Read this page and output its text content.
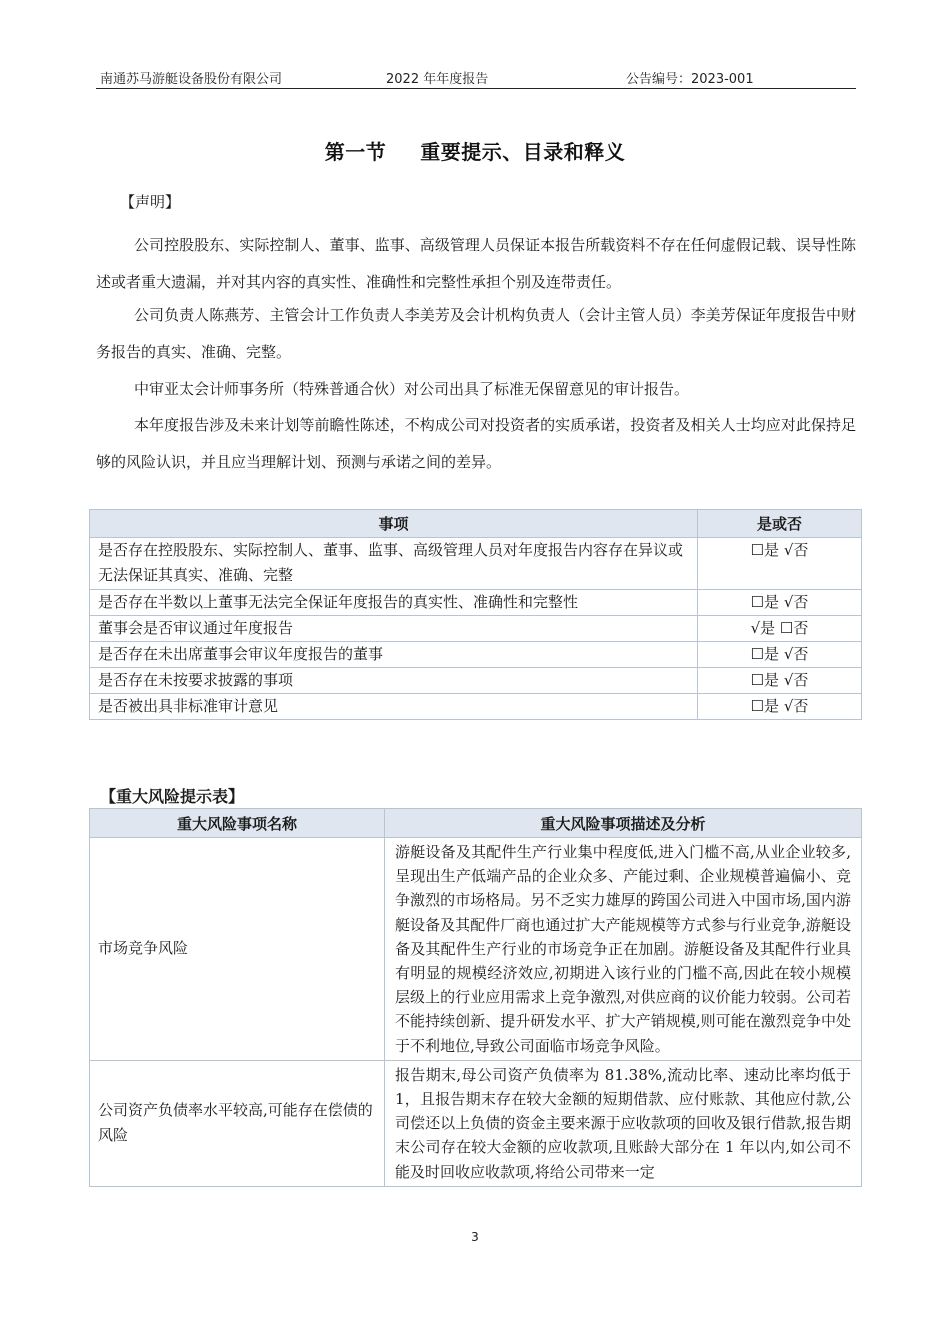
南通苏马游艇设备股份有限公司	2022 年年度报告	公告编号：2023-001
第一节 重要提示、目录和释义
【声明】

公司控股股东、实际控制人、董事、监事、高级管理人员保证本报告所载资料不存在任何虚假记载、误导性陈述或者重大遗漏，并对其内容的真实性、准确性和完整性承担个别及连带责任。

公司负责人陈燕芳、主管会计工作负责人李美芳及会计机构负责人（会计主管人员）李美芳保证年度报告中财务报告的真实、准确、完整。

中审亚太会计师事务所（特殊普通合伙）对公司出具了标准无保留意见的审计报告。

本年度报告涉及未来计划等前瞻性陈述，不构成公司对投资者的实质承诺，投资者及相关人士均应对此保持足够的风险认识，并且应当理解计划、预测与承诺之间的差异。

事项	是或否
是否存在控股股东、实际控制人、董事、监事、高级管理人员对年度报告内容存在异议或无法保证其真实、准确、完整	☐是 √否
是否存在半数以上董事无法完全保证年度报告的真实性、准确性和完整性	☐是 √否
董事会是否审议通过年度报告	√是 ☐否
是否存在未出席董事会审议年度报告的董事	☐是 √否
是否存在未按要求披露的事项	☐是 √否
是否被出具非标准审计意见	☐是 √否
【重大风险提示表】
重大风险事项名称	重大风险事项描述及分析
市场竞争风险	游艇设备及其配件生产行业集中程度低,进入门槛不高,从业企业较多,呈现出生产低端产品的企业众多、产能过剩、企业规模普遍偏小、竞争激烈的市场格局。另不乏实力雄厚的跨国公司进入中国市场,国内游艇设备及其配件厂商也通过扩大产能规模等方式参与行业竞争,游艇设备及其配件生产行业的市场竞争正在加剧。游艇设备及其配件行业具有明显的规模经济效应,初期进入该行业的门槛不高,因此在较小规模层级上的行业应用需求上竞争激烈,对供应商的议价能力较弱。公司若不能持续创新、提升研发水平、扩大产销规模,则可能在激烈竞争中处于不利地位,导致公司面临市场竞争风险。
公司资产负债率水平较高,可能存在偿债的风险	报告期末,母公司资产负债率为 81.38%,流动比率、速动比率均低于 1，且报告期末存在较大金额的短期借款、应付账款、其他应付款,公司偿还以上负债的资金主要来源于应收款项的回收及银行借款,报告期末公司存在较大金额的应收款项,且账龄大部分在 1 年以内,如公司不能及时回收应收款项,将给公司带来一定
3
